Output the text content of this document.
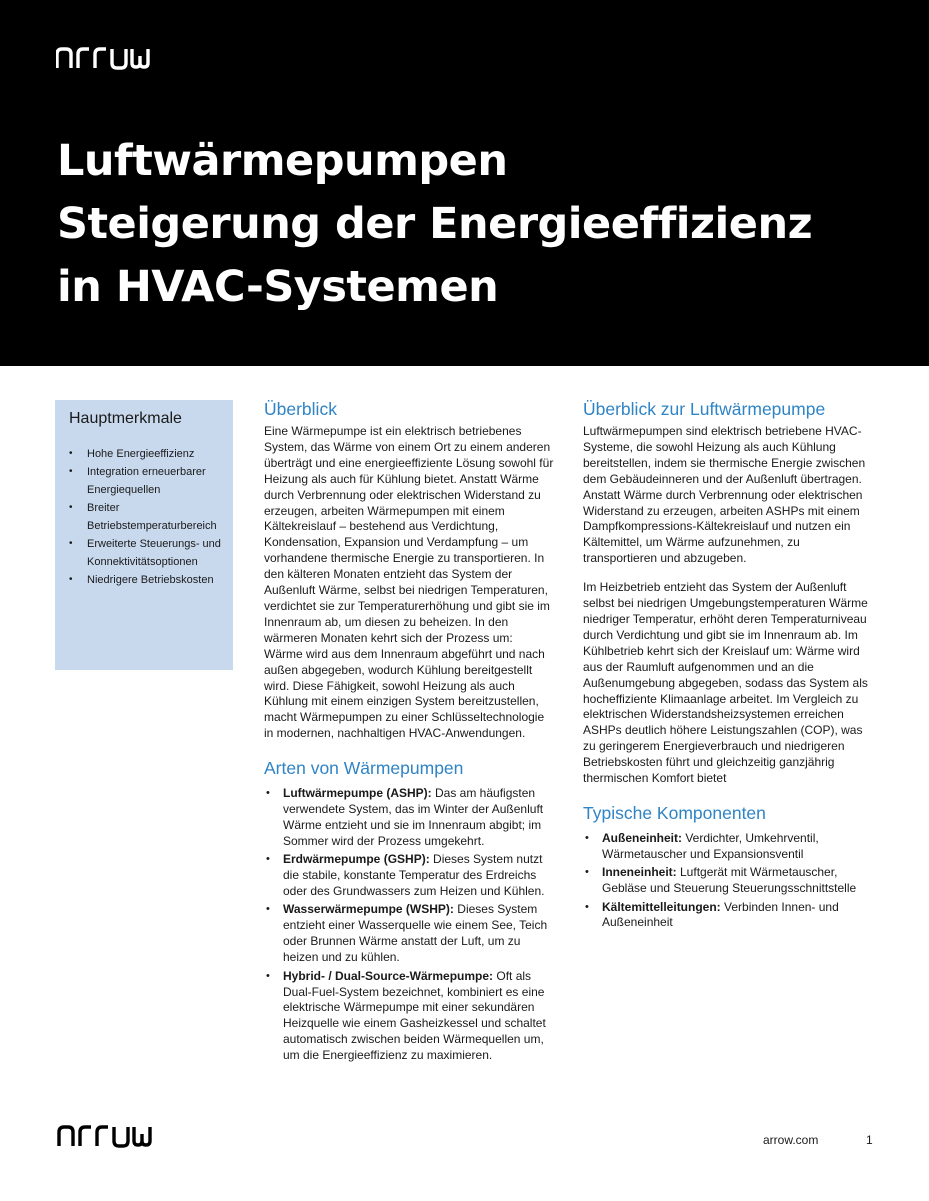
Luftwärmepumpen
Steigerung der Energieeffizienz
in HVAC-Systemen
Hauptmerkmale
• Hohe Energieeffizienz
• Integration erneuerbarer Energiequellen
• Breiter Betriebstemperaturbereich
• Erweiterte Steuerungs- und Konnektivitätsoptionen
• Niedrigere Betriebskosten
Überblick

Eine Wärmepumpe ist ein elektrisch betriebenes System, das Wärme von einem Ort zu einem anderen überträgt und eine energieeffiziente Lösung sowohl für Heizung als auch für Kühlung bietet. Anstatt Wärme durch Verbrennung oder elektrischen Widerstand zu erzeugen, arbeiten Wärmepumpen mit einem Kältekreislauf – bestehend aus Verdichtung, Kondensation, Expansion und Verdampfung – um vorhandene thermische Energie zu transportieren. In den kälteren Monaten entzieht das System der Außenluft Wärme, selbst bei niedrigen Temperaturen, verdichtet sie zur Temperaturerhöhung und gibt sie im Innenraum ab, um diesen zu beheizen. In den wärmeren Monaten kehrt sich der Prozess um: Wärme wird aus dem Innenraum abgeführt und nach außen abgegeben, wodurch Kühlung bereitgestellt wird. Diese Fähigkeit, sowohl Heizung als auch Kühlung mit einem einzigen System bereitzustellen, macht Wärmepumpen zu einer Schlüsseltechnologie in modernen, nachhaltigen HVAC-Anwendungen.

Arten von Wärmepumpen
• Luftwärmepumpe (ASHP): Das am häufigsten verwendete System, das im Winter der Außenluft Wärme entzieht und sie im Innenraum abgibt; im Sommer wird der Prozess umgekehrt.
• Erdwärmepumpe (GSHP): Dieses System nutzt die stabile, konstante Temperatur des Erdreichs oder des Grundwassers zum Heizen und Kühlen.
• Wasserwärmepumpe (WSHP): Dieses System entzieht einer Wasserquelle wie einem See, Teich oder Brunnen Wärme anstatt der Luft, um zu heizen und zu kühlen.
• Hybrid- / Dual-Source-Wärmepumpe: Oft als Dual-Fuel-System bezeichnet, kombiniert es eine elektrische Wärmepumpe mit einer sekundären Heizquelle wie einem Gasheizkessel und schaltet automatisch zwischen beiden Wärmequellen um, um die Energieeffizienz zu maximieren.
Überblick zur Luftwärmepumpe

Luftwärmepumpen sind elektrisch betriebene HVAC-Systeme, die sowohl Heizung als auch Kühlung bereitstellen, indem sie thermische Energie zwischen dem Gebäudeinneren und der Außenluft übertragen. Anstatt Wärme durch Verbrennung oder elektrischen Widerstand zu erzeugen, arbeiten ASHPs mit einem Dampfkompressions-Kältekreislauf und nutzen ein Kältemittel, um Wärme aufzunehmen, zu transportieren und abzugeben.

Im Heizbetrieb entzieht das System der Außenluft selbst bei niedrigen Umgebungstemperaturen Wärme niedriger Temperatur, erhöht deren Temperaturniveau durch Verdichtung und gibt sie im Innenraum ab. Im Kühlbetrieb kehrt sich der Kreislauf um: Wärme wird aus der Raumluft aufgenommen und an die Außenumgebung abgegeben, sodass das System als hocheffiziente Klimaanlage arbeitet. Im Vergleich zu elektrischen Widerstandsheizsystemen erreichen ASHPs deutlich höhere Leistungszahlen (COP), was zu geringerem Energieverbrauch und niedrigeren Betriebskosten führt und gleichzeitig ganzjährig thermischen Komfort bietet

Typische Komponenten
• Außeneinheit: Verdichter, Umkehrventil, Wärmetauscher und Expansionsventil
• Inneneinheit: Luftgerät mit Wärmetauscher, Gebläse und Steuerung Steuerungsschnittstelle
• Kältemittelleitungen: Verbinden Innen- und Außeneinheit
arrow.com	1
